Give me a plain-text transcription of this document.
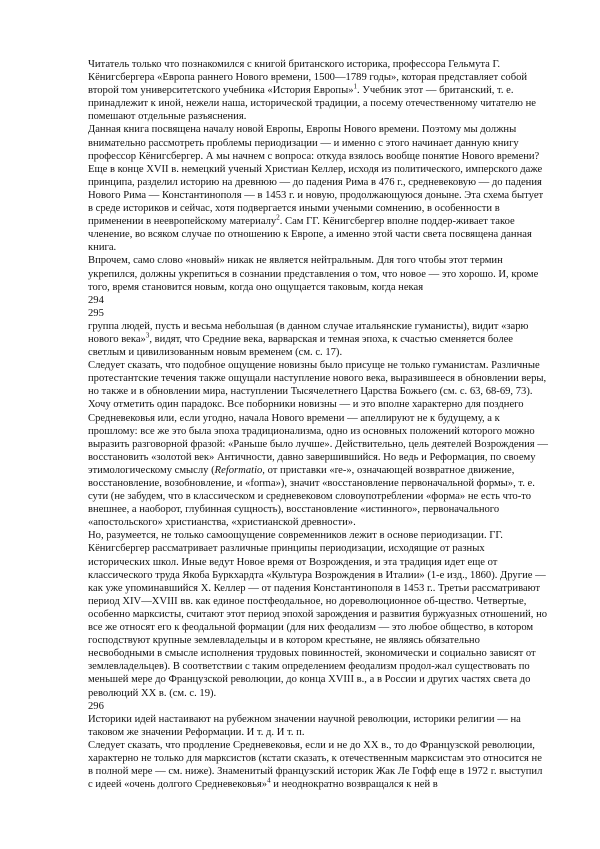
Читатель только что познакомился с книгой британского историка, профессора Гельмута Г. Кёнигсбергера «Европа раннего Нового времени, 1500—1789 годы», которая представляет собой второй том университетского учебника «История Европы»$^1$. Учебник этот — британский, т. е. принадлежит к иной, нежели наша, исторической традиции, а посему отечественному читателю не помешают отдельные разъяснения.

Данная книга посвящена началу новой Европы, Европы Нового времени. Поэтому мы должны внимательно рассмотреть проблемы периодизации — и именно с этого начинает данную книгу профессор Кёнигсбергер. А мы начнем с вопроса: откуда взялось вообще понятие Нового времени?

Еще в конце XVII в. немецкий ученый Христиан Келлер, исходя из политического, имперского даже принципа, разделил историю на древнюю — до падения Рима в 476 г., средневековую — до падения Нового Рима — Константинополя — в 1453 г. и новую, продолжающуюся доныне. Эта схема бытует в среде историков и сейчас, хотя подвергается иными учеными сомнению, в особенности в применении в неевропейскому материалу$^2$. Сам ГГ. Кёнигсбергер вполне поддер-живает такое членение, во всяком случае по отношению к Европе, а именно этой части света посвящена данная книга.

Впрочем, само слово «новый» никак не является нейтральным. Для того чтобы этот термин укрепился, должны укрепиться в сознании представления о том, что новое — это хорошо. И, кроме того, время становится новым, когда оно ощущается таковым, когда некая

294

295

группа людей, пусть и весьма небольшая (в данном случае итальянские гуманисты), видит «зарю нового века»$^3$, видят, что Средние века, варварская и темная эпоха, к счастью сменяется более светлым и цивилизованным новым временем (см. с. 17).

Следует сказать, что подобное ощущение новизны было присуще не только гуманистам. Различные протестантские течения также ощущали наступление нового века, выразившееся в обновлении веры, но также и в обновлении мира, наступлении Тысячелетнего Царства Божьего (см. с. 63, 68-69, 73).

Хочу отметить один парадокс. Все поборники новизны — и это вполне характерно для позднего Средневековья или, если угодно, начала Нового времени — апеллируют не к будущему, а к прошлому: все же это была эпоха традиционализма, одно из основных положений которого можно выразить разговорной фразой: «Раньше было лучше». Действительно, цель деятелей Возрождения — восстановить «золотой век» Античности, давно завершившийся. Но ведь и Реформация, по своему этимологическому смыслу (Reformatio, от приставки «re-», означающей возвратное движение, восстановление, возобновление, и «forma»), значит «восстановление первоначальной формы», т. е. сути (не забудем, что в классическом и средневековом словоупотреблении «форма» не есть что-то внешнее, а наоборот, глубинная сущность), восстановление «истинного», первоначального «апостольского» христианства, «христианской древности».

Но, разумеется, не только самоощущение современников лежит в основе периодизации. ГГ. Кёнигсбергер рассматривает различные принципы периодизации, исходящие от разных исторических школ. Иные ведут Новое время от Возрождения, и эта традиция идет еще от классического труда Якоба Буркхардта «Культура Возрождения в Италии» (1-е изд., 1860). Другие — как уже упоминавшийся X. Келлер — от падения Константинополя в 1453 г.. Третьи рассматривают период XIV—XVIII вв. как единое постфеодальное, но дореволюционное об-щество. Четвертые, особенно марксисты, считают этот период эпохой зарождения и развития буржуазных отношений, но все же относят его к феодальной формации (для них феодализм — это любое общество, в котором господствуют крупные землевладельцы и в котором крестьяне, не являясь обязательно несвободными в смысле исполнения трудовых повинностей, экономически и социально зависят от землевладельцев). В соответствии с таким определением феодализм продол-жал существовать по меньшей мере до Французской революции, до конца XVIII в., а в России и других частях света до революций XX в. (см. с. 19).

296

Историки идей настаивают на рубежном значении научной революции, историки религии — на таковом же значении Реформации. И т. д. И т. п.

Следует сказать, что продление Средневековья, если и не до XX в., то до Французской революции, характерно не только для марксистов (кстати сказать, к отечественным марксистам это относится не в полной мере — см. ниже). Знаменитый французский историк Жак Ле Гофф еще в 1972 г. выступил с идеей «очень долгого Средневековья»$^4$ и неоднократно возвращался к ней в
